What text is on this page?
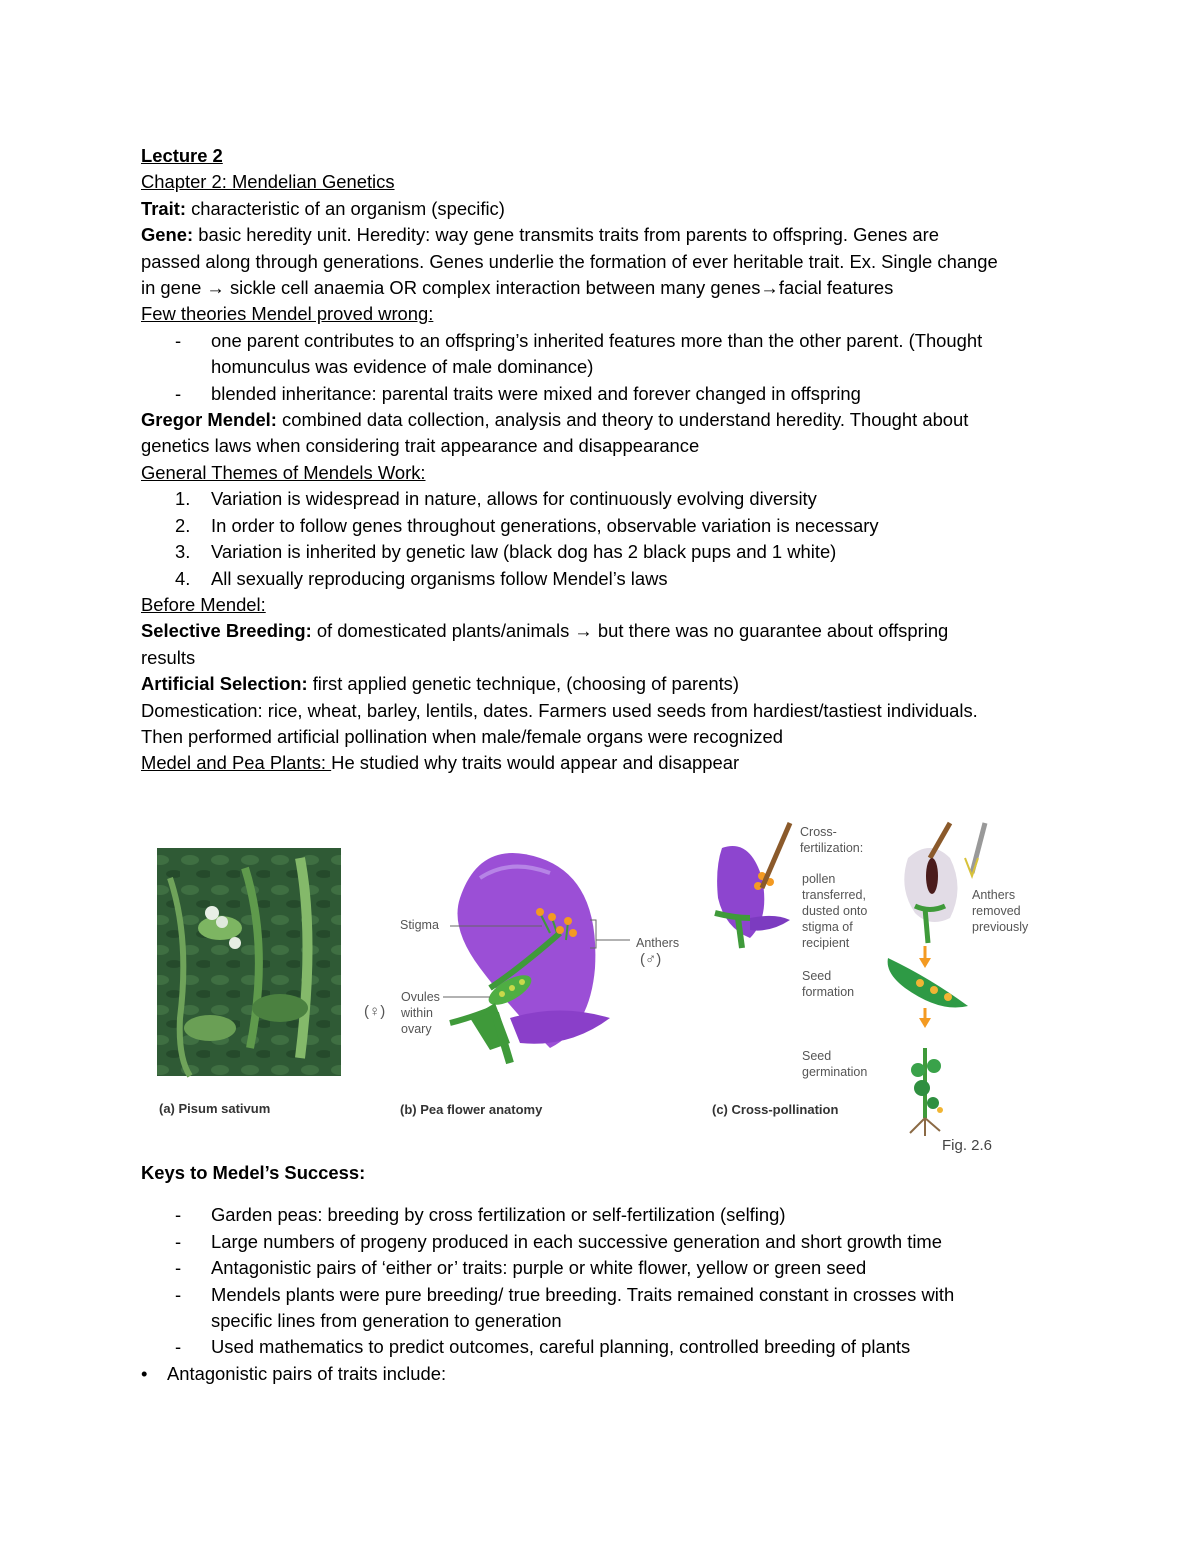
Lecture 2
Chapter 2: Mendelian Genetics
Trait: characteristic of an organism (specific)
Gene: basic heredity unit. Heredity: way gene transmits traits from parents to offspring. Genes are
passed along through generations. Genes underlie the formation of ever heritable trait. Ex. Single change
in gene → sickle cell anaemia OR complex interaction between many genes→facial features
Few theories Mendel proved wrong:
- one parent contributes to an offspring’s inherited features more than the other parent. (Thought
homunculus was evidence of male dominance)
- blended inheritance: parental traits were mixed and forever changed in offspring
Gregor Mendel: combined data collection, analysis and theory to understand heredity. Thought about
genetics laws when considering trait appearance and disappearance
General Themes of Mendels Work:
1. Variation is widespread in nature, allows for continuously evolving diversity
2. In order to follow genes throughout generations, observable variation is necessary
3. Variation is inherited by genetic law (black dog has 2 black pups and 1 white)
4. All sexually reproducing organisms follow Mendel’s laws
Before Mendel:
Selective Breeding: of domesticated plants/animals → but there was no guarantee about offspring
results
Artificial Selection: first applied genetic technique, (choosing of parents)
Domestication: rice, wheat, barley, lentils, dates. Farmers used seeds from hardiest/tastiest individuals.
Then performed artificial pollination when male/female organs were recognized
Medel and Pea Plants: He studied why traits would appear and disappear
Stigma
Anthers
(♂)
Ovules
within
ovary
(♀)
Cross-
fertilization:
pollen
transferred,
dusted onto
stigma of
recipient
Anthers
removed
previously
Seed
formation
Seed
germination
(a) Pisum sativum	(b) Pea flower anatomy	(c) Cross-pollination
Fig. 2.6
Keys to Medel’s Success:
- Garden peas: breeding by cross fertilization or self-fertilization (selfing)
- Large numbers of progeny produced in each successive generation and short growth time
- Antagonistic pairs of ‘either or’ traits: purple or white flower, yellow or green seed
- Mendels plants were pure breeding/ true breeding. Traits remained constant in crosses with
specific lines from generation to generation
- Used mathematics to predict outcomes, careful planning, controlled breeding of plants
• Antagonistic pairs of traits include:
